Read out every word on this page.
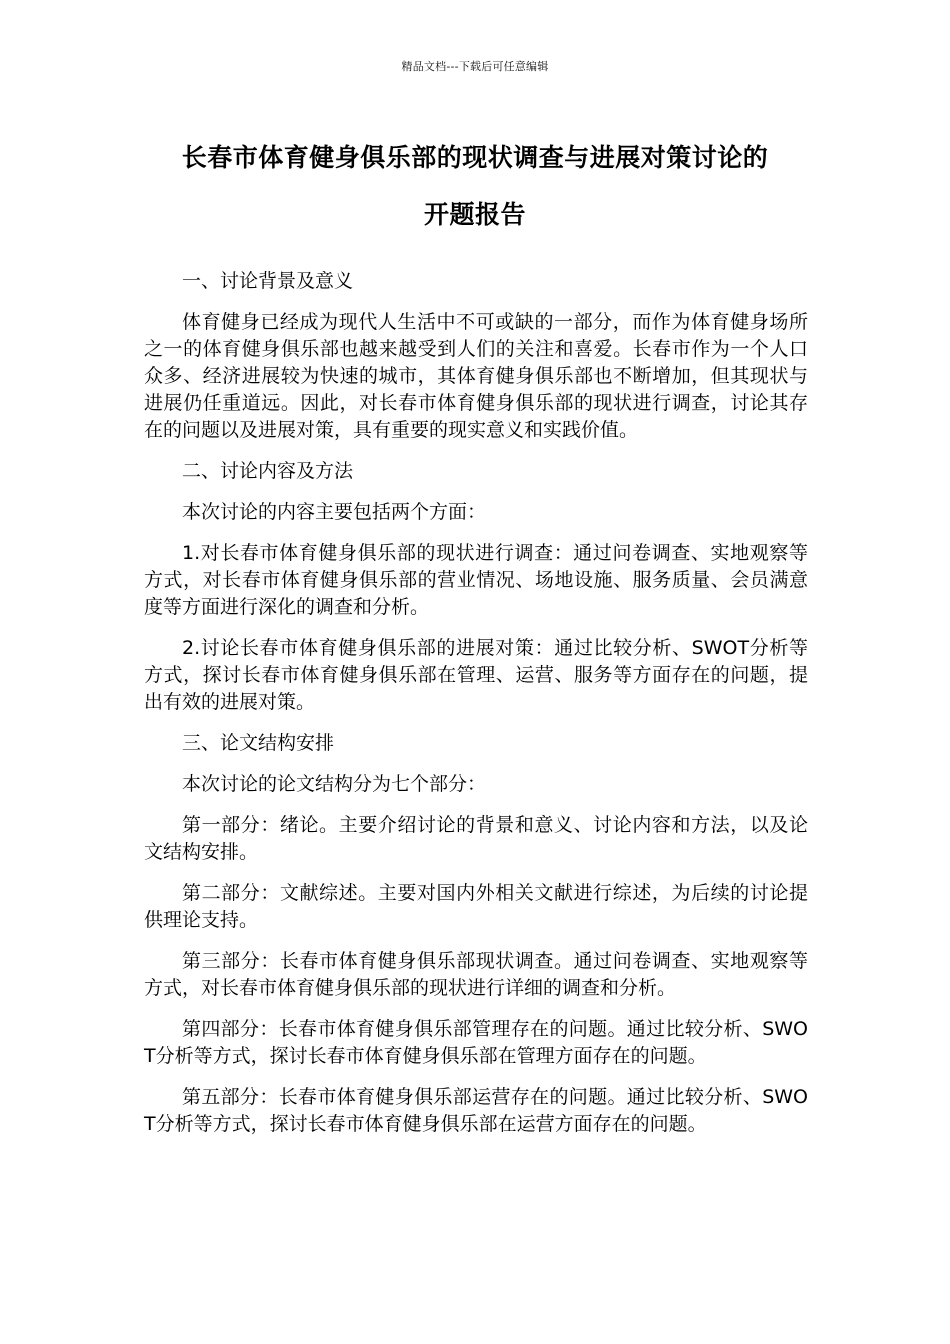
精品文档---下载后可任意编辑
长春市体育健身俱乐部的现状调查与进展对策讨论的
开题报告

一、讨论背景及意义

体育健身已经成为现代人生活中不可或缺的一部分，而作为体育健身场所之一的体育健身俱乐部也越来越受到人们的关注和喜爱。长春市作为一个人口众多、经济进展较为快速的城市，其体育健身俱乐部也不断增加，但其现状与进展仍任重道远。因此，对长春市体育健身俱乐部的现状进行调查，讨论其存在的问题以及进展对策，具有重要的现实意义和实践价值。

二、讨论内容及方法

本次讨论的内容主要包括两个方面：

1.对长春市体育健身俱乐部的现状进行调查：通过问卷调查、实地观察等方式，对长春市体育健身俱乐部的营业情况、场地设施、服务质量、会员满意度等方面进行深化的调查和分析。

2.讨论长春市体育健身俱乐部的进展对策：通过比较分析、SWOT分析等方式，探讨长春市体育健身俱乐部在管理、运营、服务等方面存在的问题，提出有效的进展对策。

三、论文结构安排

本次讨论的论文结构分为七个部分：

第一部分：绪论。主要介绍讨论的背景和意义、讨论内容和方法，以及论文结构安排。

第二部分：文献综述。主要对国内外相关文献进行综述，为后续的讨论提供理论支持。

第三部分：长春市体育健身俱乐部现状调查。通过问卷调查、实地观察等方式，对长春市体育健身俱乐部的现状进行详细的调查和分析。

第四部分：长春市体育健身俱乐部管理存在的问题。通过比较分析、SWOT分析等方式，探讨长春市体育健身俱乐部在管理方面存在的问题。

第五部分：长春市体育健身俱乐部运营存在的问题。通过比较分析、SWOT分析等方式，探讨长春市体育健身俱乐部在运营方面存在的问题。
